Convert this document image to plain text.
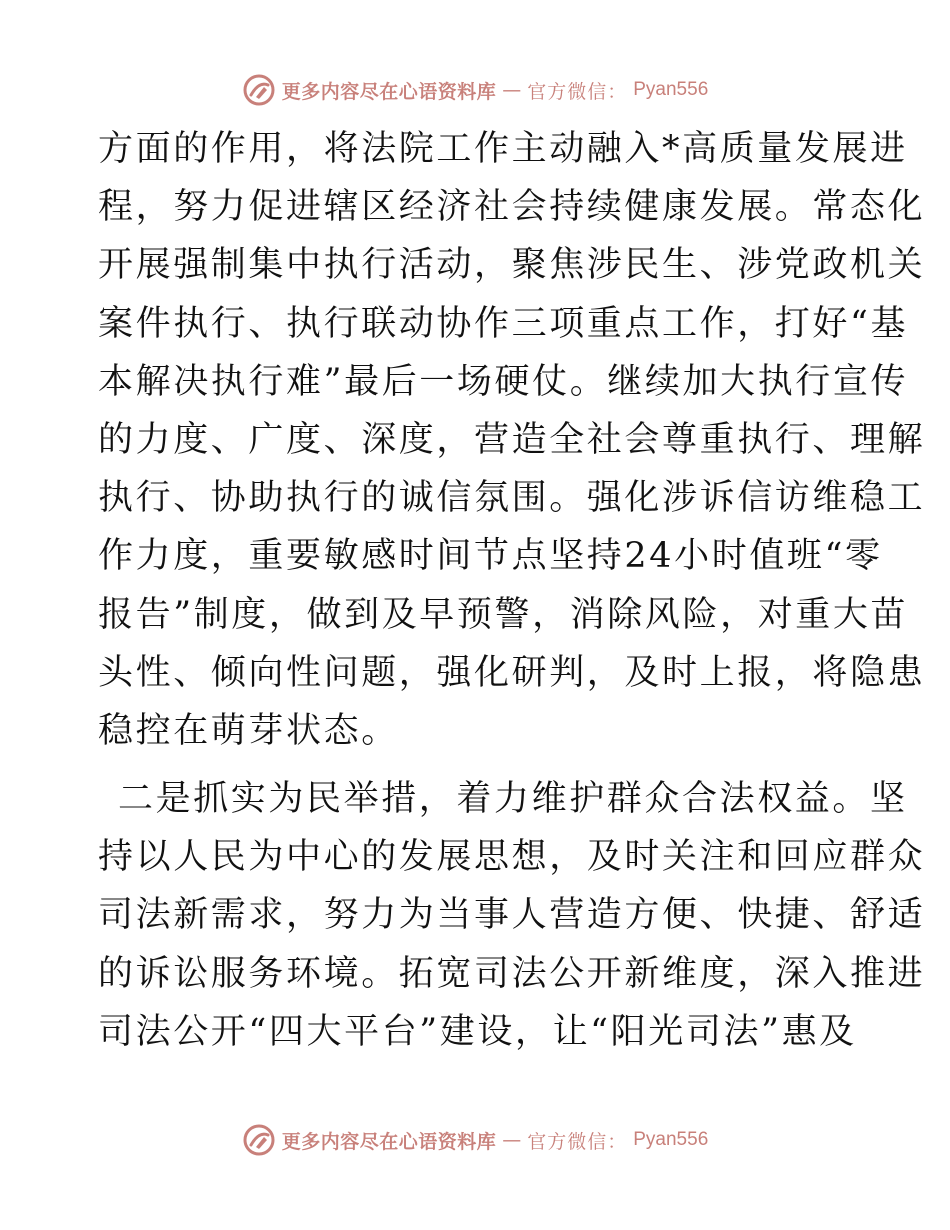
更多内容尽在心语资料库 — 官方微信： Pyan556
方面的作用，将法院工作主动融入*高质量发展进
程，努力促进辖区经济社会持续健康发展。常态化
开展强制集中执行活动，聚焦涉民生、涉党政机关
案件执行、执行联动协作三项重点工作，打好“基
本解决执行难”最后一场硬仗。继续加大执行宣传
的力度、广度、深度，营造全社会尊重执行、理解
执行、协助执行的诚信氛围。强化涉诉信访维稳工
作力度，重要敏感时间节点坚持24小时值班“零
报告”制度，做到及早预警，消除风险，对重大苗
头性、倾向性问题，强化研判，及时上报，将隐患
稳控在萌芽状态。
二是抓实为民举措，着力维护群众合法权益。坚
持以人民为中心的发展思想，及时关注和回应群众
司法新需求，努力为当事人营造方便、快捷、舒适
的诉讼服务环境。拓宽司法公开新维度，深入推进
司法公开“四大平台”建设，让“阳光司法”惠及
更多内容尽在心语资料库 — 官方微信： Pyan556
